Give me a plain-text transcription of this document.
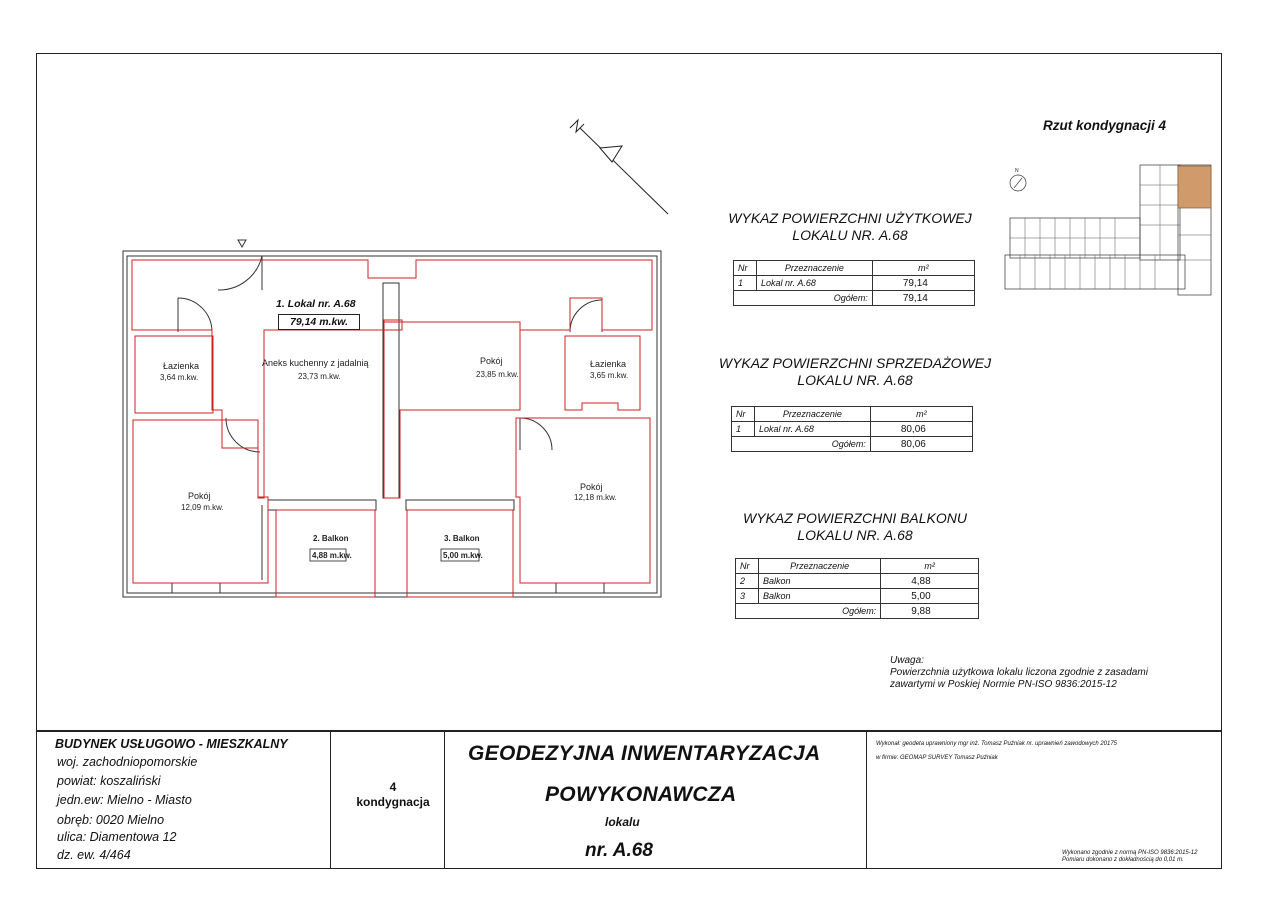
Łazienka
3,64 m.kw.
Aneks kuchenny z jadalnią
23,73 m.kw.
Pokój
23,85 m.kw.
Łazienka
3,65 m.kw.
Pokój
12,09 m.kw.
Pokój
12,18 m.kw.
2. Balkon
4,88 m.kw.
3. Balkon
5,00 m.kw.
N
1. Lokal nr. A.68
79,14 m.kw.
Rzut kondygnacji 4
WYKAZ POWIERZCHNI UŻYTKOWEJ
LOKALU NR. A.68
Nr	Przeznaczenie	m²
1	Lokal nr. A.68	79,14
	Ogółem:	79,14
WYKAZ POWIERZCHNI SPRZEDAŻOWEJ
LOKALU NR. A.68
Nr	Przeznaczenie	m²
1	Lokal nr. A.68	80,06
	Ogółem:	80,06
WYKAZ POWIERZCHNI BALKONU
LOKALU NR. A.68
Nr	Przeznaczenie	m²
2	Balkon	4,88
3	Balkon	5,00
	Ogółem:	9,88
Uwaga:
Powierzchnia użytkowa lokalu liczona zgodnie z zasadami
zawartymi w Poskiej Normie PN-ISO 9836:2015-12
BUDYNEK USŁUGOWO - MIESZKALNY
woj. zachodniopomorskie
powiat: koszaliński
jedn.ew: Mielno - Miasto
obręb: 0020 Mielno
ulica: Diamentowa 12
dz. ew. 4/464
4
kondygnacja
GEODEZYJNA INWENTARYZACJA
POWYKONAWCZA
lokalu
nr. A.68
Wykonał: geodeta uprawniony mgr inż. Tomasz Puźniak nr. uprawnień zawodowych 20175
w firmie: GEOMAP SURVEY Tomasz Puźniak
Wykonano zgodnie z normą PN-ISO 9836:2015-12
Pomiaru dokonano z dokładnością do 0,01 m.
